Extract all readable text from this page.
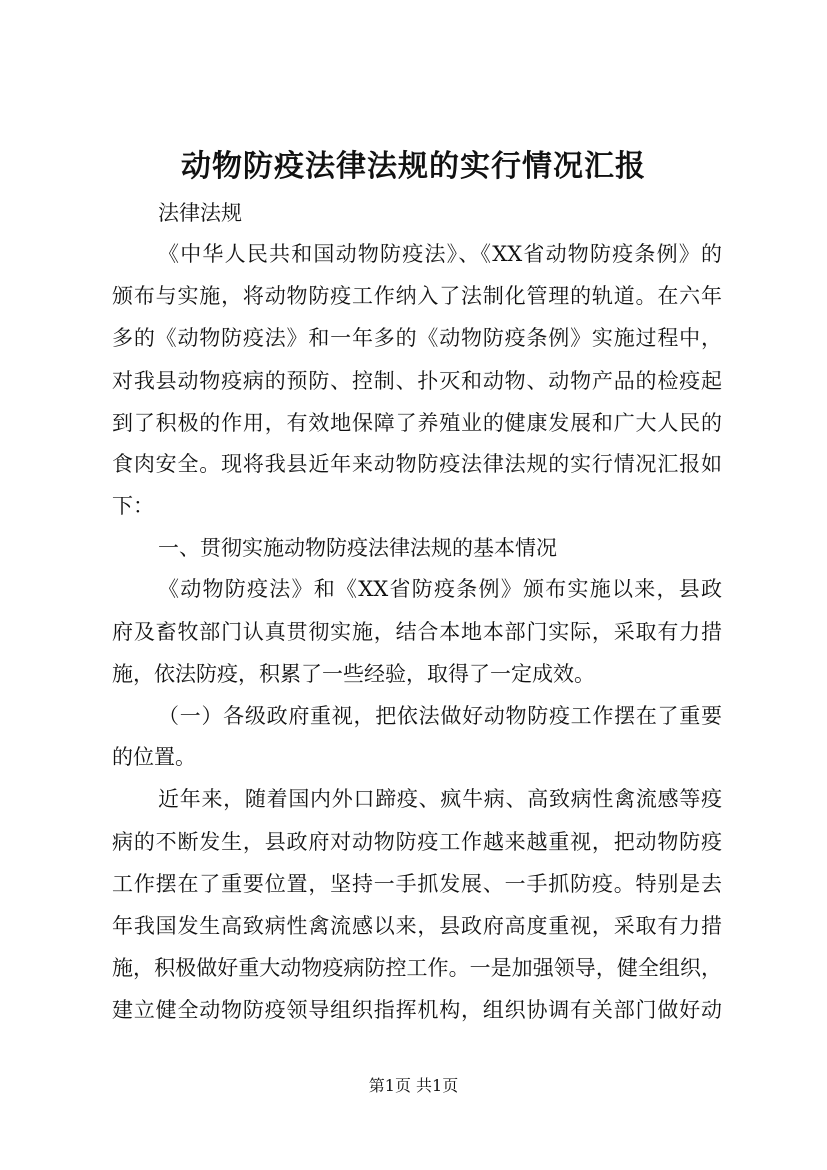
动物防疫法律法规的实行情况汇报
法律法规
《中华人民共和国动物防疫法》、《XX省动物防疫条例》的
颁布与实施，将动物防疫工作纳入了法制化管理的轨道。在六年
多的《动物防疫法》和一年多的《动物防疫条例》实施过程中，
对我县动物疫病的预防、控制、扑灭和动物、动物产品的检疫起
到了积极的作用，有效地保障了养殖业的健康发展和广大人民的
食肉安全。现将我县近年来动物防疫法律法规的实行情况汇报如
下：
一、贯彻实施动物防疫法律法规的基本情况
《动物防疫法》和《XX省防疫条例》颁布实施以来，县政
府及畜牧部门认真贯彻实施，结合本地本部门实际，采取有力措
施，依法防疫，积累了一些经验，取得了一定成效。
（一）各级政府重视，把依法做好动物防疫工作摆在了重要
的位置。
近年来，随着国内外口蹄疫、疯牛病、高致病性禽流感等疫
病的不断发生，县政府对动物防疫工作越来越重视，把动物防疫
工作摆在了重要位置，坚持一手抓发展、一手抓防疫。特别是去
年我国发生高致病性禽流感以来，县政府高度重视，采取有力措
施，积极做好重大动物疫病防控工作。一是加强领导，健全组织，
建立健全动物防疫领导组织指挥机构，组织协调有关部门做好动
第1页 共1页
